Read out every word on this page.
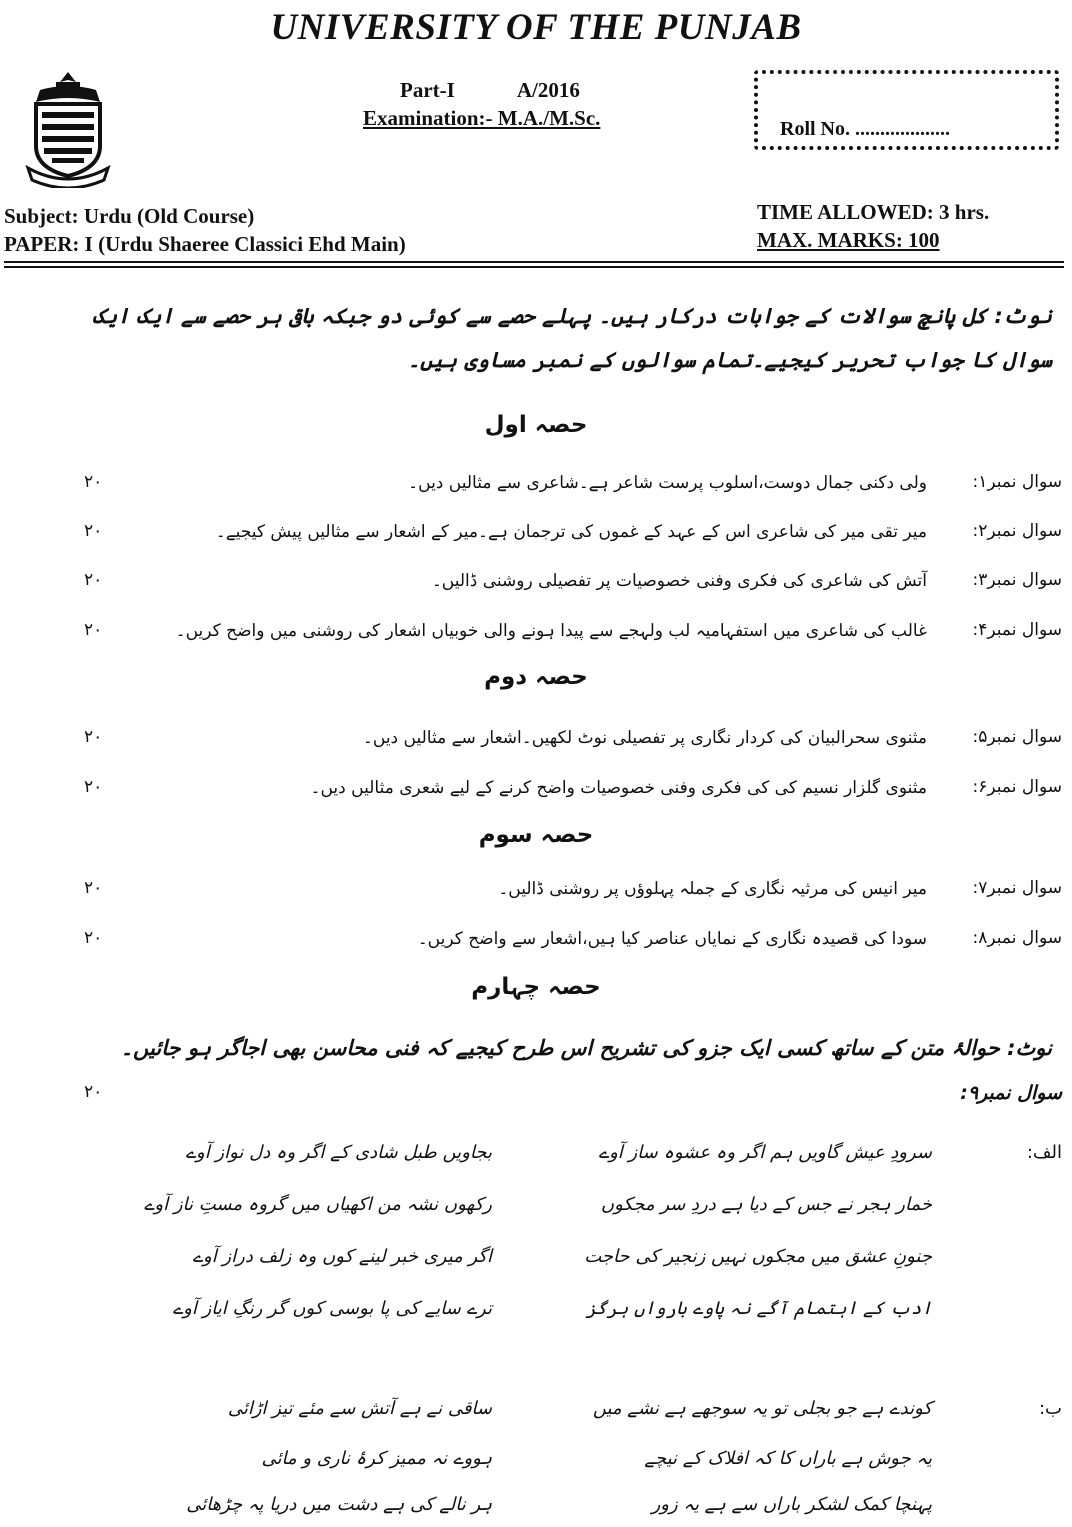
UNIVERSITY OF THE PUNJAB
Part-I	A/2016
Examination:- M.A./M.Sc.	Roll No. ...................
Subject: Urdu (Old Course)
PAPER: I (Urdu Shaeree Classici Ehd Main)
TIME ALLOWED: 3 hrs.
MAX. MARKS: 100
نوٹ: کل پانچ سوالات کے جوابات درکار ہیں۔ پہلے حصے سے کوئی دو جبکہ باقی ہر حصے سے ایک ایک سوال کا جواب تحریر کیجیے۔تمام سوالوں کے نمبر مساوی ہیں۔
حصہ اول
سوال نمبر۱:
ولی دکنی جمال دوست،اسلوب پرست شاعر ہے۔شاعری سے مثالیں دیں۔
۲۰
سوال نمبر۲:
میر تقی میر کی شاعری اس کے عہد کے غموں کی ترجمان ہے۔میر کے اشعار سے مثالیں پیش کیجیے۔
۲۰
سوال نمبر۳:
آتش کی شاعری کی فکری وفنی خصوصیات پر تفصیلی روشنی ڈالیں۔
۲۰
سوال نمبر۴:
غالب کی شاعری میں استفہامیہ لب ولہجے سے پیدا ہونے والی خوبیاں اشعار کی روشنی میں واضح کریں۔
۲۰
حصہ دوم
سوال نمبر۵:
مثنوی سحرالبیان کی کردار نگاری پر تفصیلی نوٹ لکھیں۔اشعار سے مثالیں دیں۔
۲۰
سوال نمبر۶:
مثنوی گلزار نسیم کی کی فکری وفنی خصوصیات واضح کرنے کے لیے شعری مثالیں دیں۔
۲۰
حصہ سوم
سوال نمبر۷:
میر انیس کی مرثیہ نگاری کے جملہ پہلوؤں پر روشنی ڈالیں۔
۲۰
سوال نمبر۸:
سودا کی قصیدہ نگاری کے نمایاں عناصر کیا ہیں،اشعار سے واضح کریں۔
۲۰
حصہ چہارم
نوٹ: حوالۂ متن کے ساتھ کسی ایک جزو کی تشریح اس طرح کیجیے کہ فنی محاسن بھی اجاگر ہو جائیں۔
سوال نمبر۹:
۲۰
الف:
سرودِ عیش گاویں ہم اگر وہ عشوہ ساز آوے
خمار ہجر نے جس کے دیا ہے دردِ سر مجکوں
جنونِ عشق میں مجکوں نہیں زنجیر کی حاجت
ادب کے اہتمام آگے نہ پاوے باروا‌ں ہرگز
بجاویں طبل شادی کے اگر وہ دل نواز آوے
رکھوں نشہ من اکھیاں میں گروہ مستِ ناز آوے
اگر میری خبر لینے کوں وہ زلف دراز آوے
ترے سایے کی پا بوسی کوں گر رنگِ ایاز آوے
ب:
کوندے ہے جو بجلی تو یہ سوجھے ہے نشے میں
یہ جوش ہے باراں کا کہ افلاک کے نیچے
پہنچا کمک لشکر باراں سے ہے یہ زور
ساقی نے ہے آتش سے مئے تیز اڑائی
ہووے نہ ممیز کرۂ ناری و مائی
ہر نالے کی ہے دشت میں دریا پہ چڑھائی
